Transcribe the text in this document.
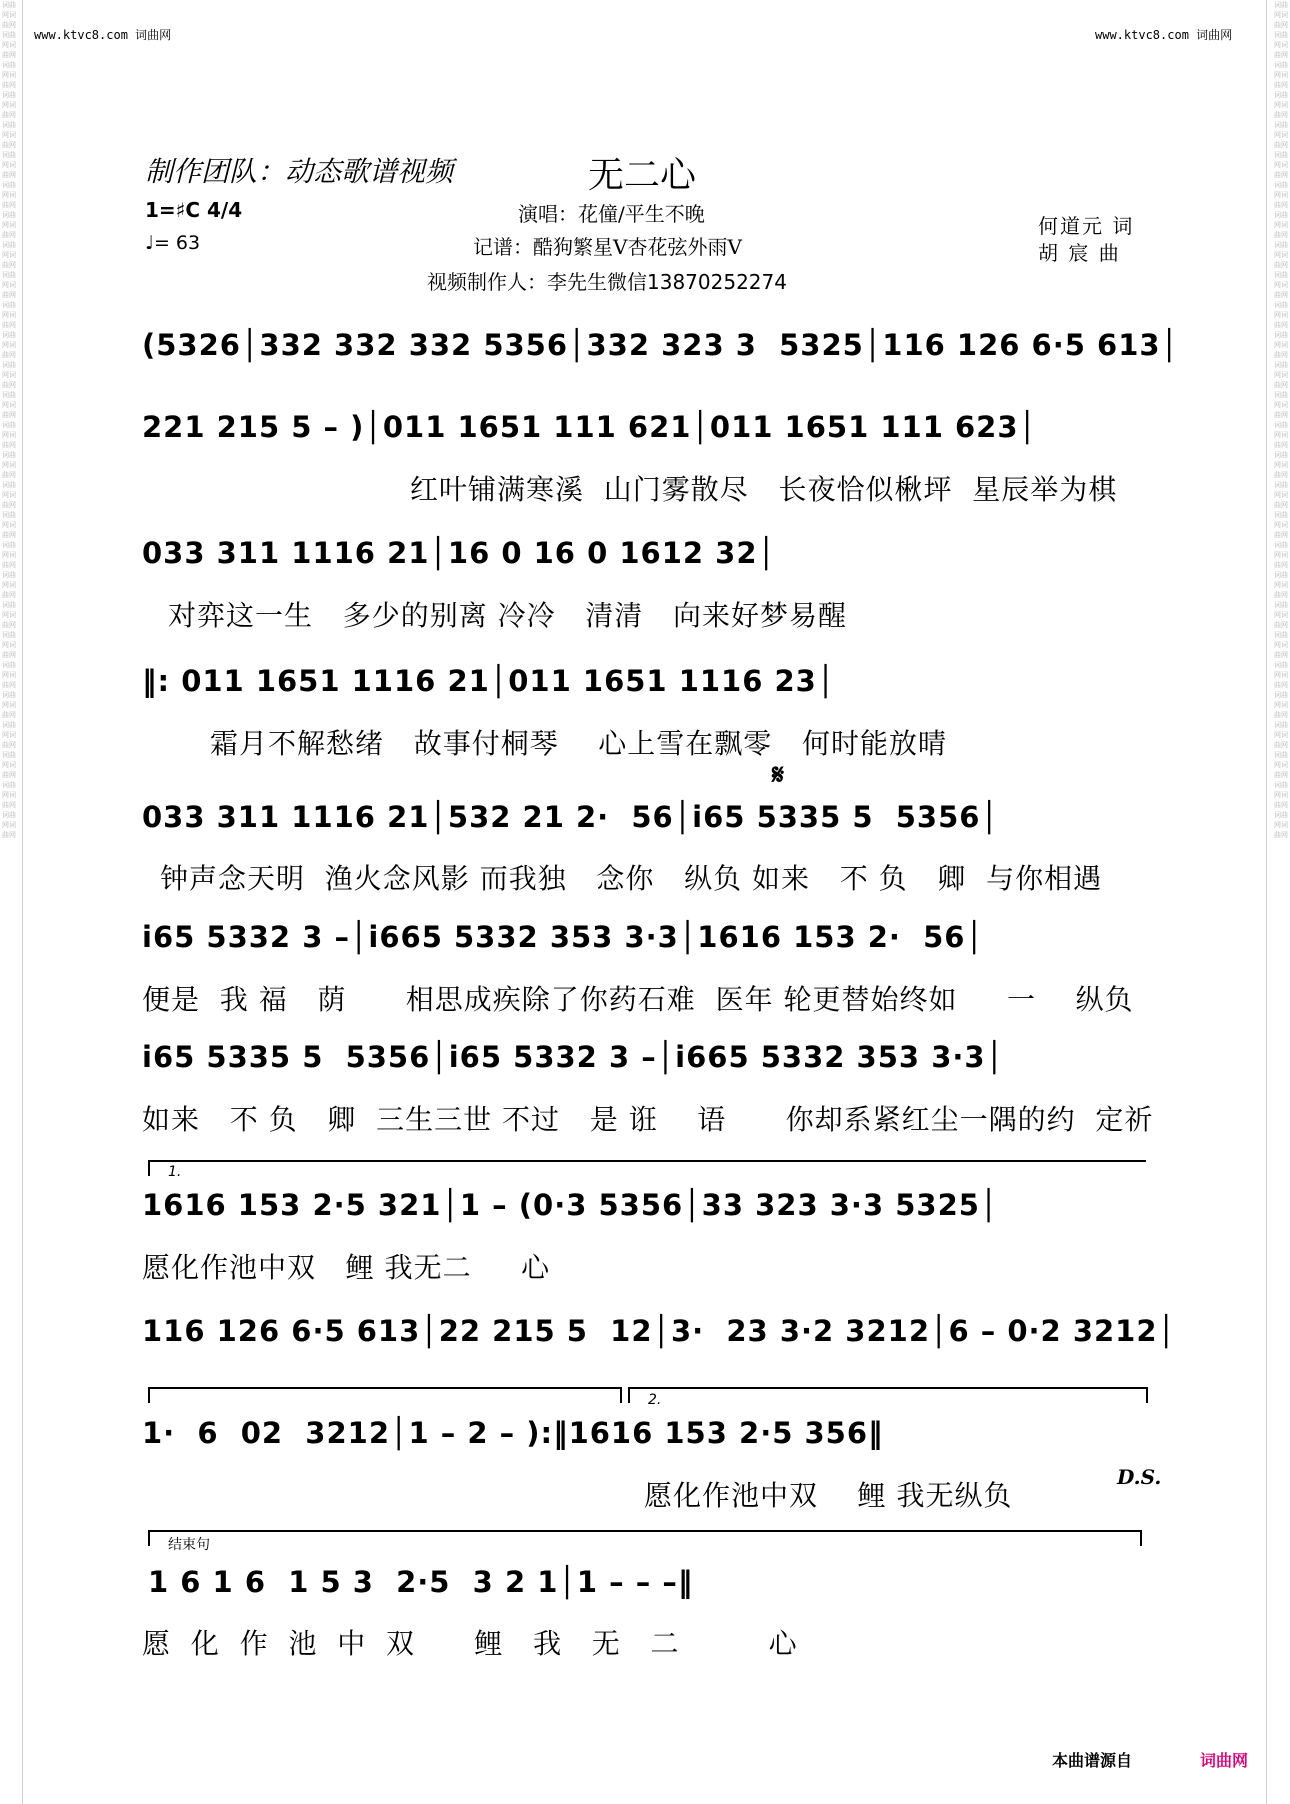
词曲网词曲网词曲网词曲网词曲网词曲网词曲网词曲网词曲网词曲网词曲网词曲网词曲网词曲网词曲网词曲网词曲网词曲网词曲网词曲网词曲网词曲网词曲网词曲网词曲网词曲网词曲网词曲网词曲网词曲网词曲网词曲网词曲网词曲网词曲网词曲网词曲网词曲网词曲网词曲网词曲网词曲网词曲网词曲网词曲网词曲网词曲网词曲网词曲网词曲网词曲网词曲网词曲网词曲网词曲网词曲网
词曲网词曲网词曲网词曲网词曲网词曲网词曲网词曲网词曲网词曲网词曲网词曲网词曲网词曲网词曲网词曲网词曲网词曲网词曲网词曲网词曲网词曲网词曲网词曲网词曲网词曲网词曲网词曲网词曲网词曲网词曲网词曲网词曲网词曲网词曲网词曲网词曲网词曲网词曲网词曲网词曲网词曲网词曲网词曲网词曲网词曲网词曲网词曲网词曲网词曲网词曲网词曲网词曲网词曲网词曲网词曲网
www.ktvc8.com 词曲网	www.ktvc8.com 词曲网
制作团队：动态歌谱视频	无二心
1=♯C 4/4
♩= 63
演唱：花僮/平生不晚
记谱：酷狗繁星V杏花弦外雨V
视频制作人：李先生微信13870252274
何道元 词
胡 宸 曲
(5326│332 332 332 5356│332 323 3  5325│116 126 6·5 613│
221 215 5 – )│011 1651 111 621│011 1651 111 623│
红叶铺满寒溪  山门雾散尽   长夜恰似楸坪  星辰举为棋
033 311 1116 21│16 0 16 0 1612 32│
对弈这一生   多少的别离 冷冷   清清   向来好梦易醒
‖: 011 1651 1116 21│011 1651 1116 23│
霜月不解愁绪   故事付桐琴    心上雪在飘零   何时能放晴
𝄋
033 311 1116 21│532 21 2·  56│i65 5335 5  5356│
钟声念天明  渔火念风影 而我独   念你   纵负 如来   不 负   卿  与你相遇
i65 5332 3 –│i665 5332 353 3·3│1616 153 2·  56│
便是  我 福   荫      相思成疾除了你药石难  医年 轮更替始终如     一    纵负
i65 5335 5  5356│i65 5332 3 –│i665 5332 353 3·3│
如来   不 负   卿  三生三世 不过   是 诳    语      你却系紧红尘一隅的约  定祈
1.
1616 153 2·5 321│1 – (0·3 5356│33 323 3·3 5325│
愿化作池中双   鲤 我无二     心
116 126 6·5 613│22 215 5  12│3·  23 3·2 3212│6 – 0·2 3212│
2.
1·  6  02  3212│1 – 2 – ):‖1616 153 2·5 356‖
愿化作池中双    鲤 我无纵负
D.S.
结束句
1 6 1 6  1 5 3  2·5  3 2 1│1 – – –‖
愿  化  作  池  中  双      鲤   我   无   二         心
本曲谱源自	词曲网
